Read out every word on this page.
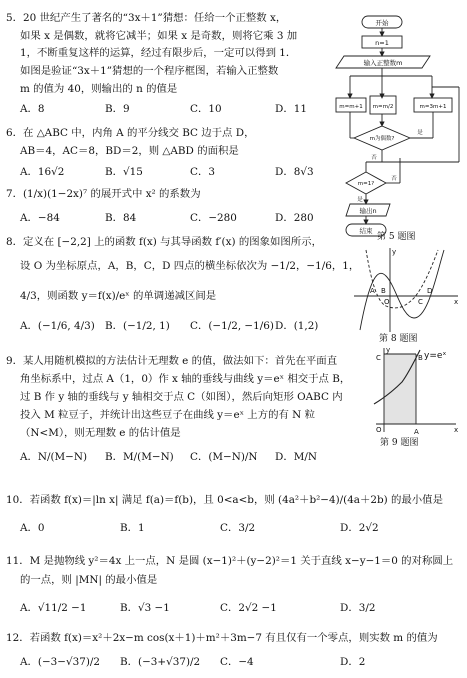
5．20 世纪产生了著名的“3x＋1”猜想：任给一个正整数 x，
如果 x 是偶数，就将它减半；如果 x 是奇数，则将它乘 3 加
1，不断重复这样的运算，经过有限步后，一定可以得到 1．
如图是验证“3x＋1”猜想的一个程序框图，若输入正整数
m 的值为 40，则输出的 n 的值是
A．8	B．9	C．10	D．11
开始
n=1
输入正整数m
m=m+1 m=m/2	m=3m+1
m为偶数?
m=1?
输出n
结束
是
否
否
是
第 5 题图
6．在 △ABC 中，内角 A 的平分线交 BC 边于点 D，
AB＝4，AC＝8，BD＝2，则 △ABD 的面积是
A．16√2	B．√15	C．3	D．8√3
7．(1/x)(1−2x)⁷ 的展开式中 x² 的系数为
A．−84	B．84	C．−280	D．280
8．定义在 [−2,2] 上的函数 f(x) 与其导函数 f′(x) 的图象如图所示，
设 O 为坐标原点，A，B，C，D 四点的横坐标依次为 −1/2，−1/6，1，
4/3，则函数 y＝f(x)/eˣ 的单调递减区间是
A．(−1/6, 4/3) B．(−1/2, 1) C．(−1/2, −1/6) D．(1,2)
A B
O	C
D
x
y
第 8 题图
9．某人用随机模拟的方法估计无理数 e 的值，做法如下：首先在平面直
角坐标系中，过点 A（1，0）作 x 轴的垂线与曲线 y＝eˣ 相交于点 B，
过 B 作 y 轴的垂线与 y 轴相交于点 C（如图），然后向矩形 OABC 内
投入 M 粒豆子，并统计出这些豆子在曲线 y＝eˣ 上方的有 N 粒
（N<M），则无理数 e 的估计值是
A．N/(M−N) B．M/(M−N) C．(M−N)/N D．M/N
y
C	B
O	A	x
y=eˣ
第 9 题图
10．若函数 f(x)＝|ln x| 满足 f(a)＝f(b)，且 0<a<b，则 (4a²＋b²−4)/(4a＋2b) 的最小值是
A．0	B．1	C．3/2	D．2√2
11．M 是抛物线 y²＝4x 上一点，N 是圆 (x−1)²＋(y−2)²＝1 关于直线 x−y−1＝0 的对称圆上
的一点，则 |MN| 的最小值是
A．√11/2 −1	B．√3 −1	C．2√2 −1	D．3/2
12．若函数 f(x)＝x²＋2x−m cos(x＋1)＋m²＋3m−7 有且仅有一个零点，则实数 m 的值为
A．(−3−√37)/2 B．(−3+√37)/2 C．−4	D．2
